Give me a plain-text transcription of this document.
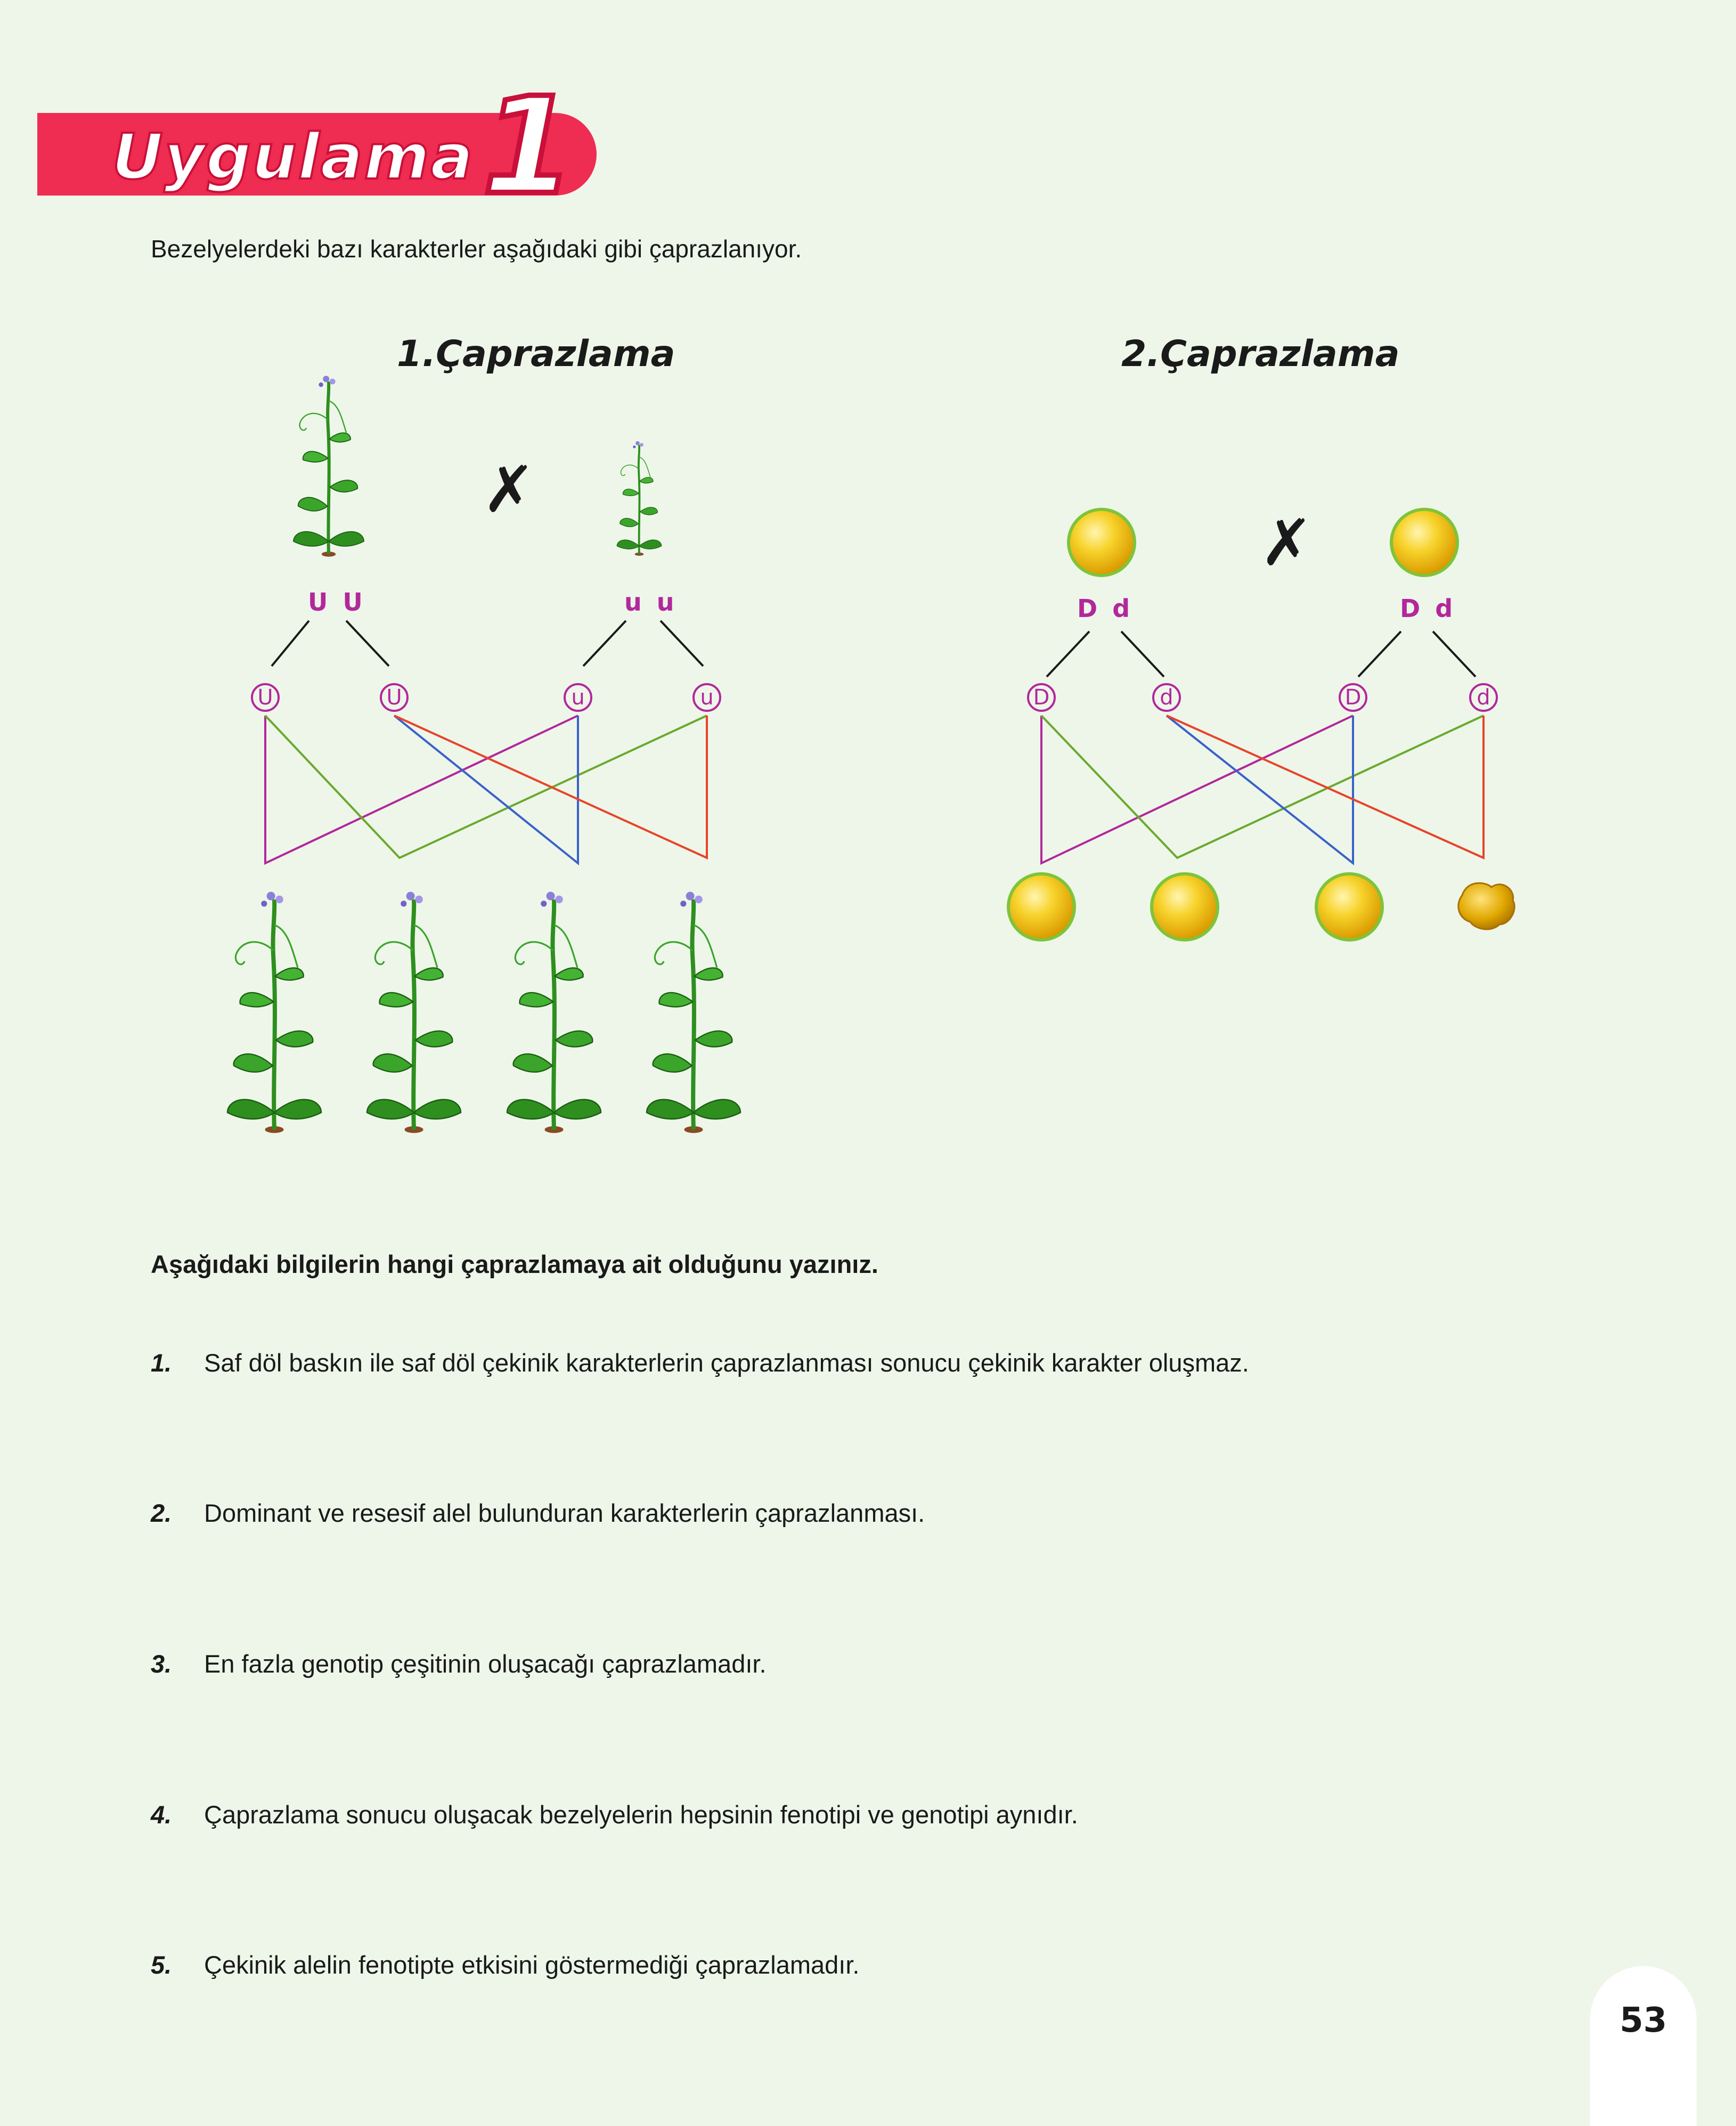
Uygulama 1

Bezelyelerdeki bazı karakterler aşağıdaki gibi çaprazlanıyor.

1.Çaprazlama
✗
U U	u u
U	U	u	u
2.Çaprazlama
✗
D d	D d
D	d	D	d

Aşağıdaki bilgilerin hangi çaprazlamaya ait olduğunu yazınız.

1. Saf döl baskın ile saf döl çekinik karakterlerin çaprazlanması sonucu çekinik karakter oluşmaz.
2. Dominant ve resesif alel bulunduran karakterlerin çaprazlanması.
3. En fazla genotip çeşitinin oluşacağı çaprazlamadır.
4. Çaprazlama sonucu oluşacak bezelyelerin hepsinin fenotipi ve genotipi aynıdır.
5. Çekinik alelin fenotipte etkisini göstermediği çaprazlamadır.
53
